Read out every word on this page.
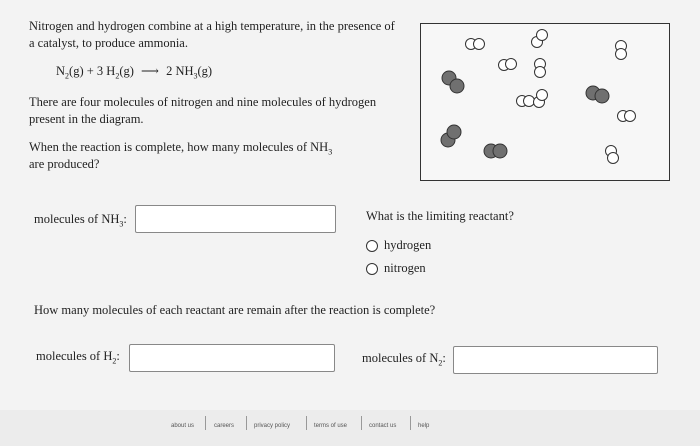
Nitrogen and hydrogen combine at a high temperature, in the presence of
a catalyst, to produce ammonia.
$N_2(g) + 3$ $H_2(g)$ ⟶ 2 $NH_3(g)$
There are four molecules of nitrogen and nine molecules of hydrogen
present in the diagram.
When the reaction is complete, how many molecules of $NH_3$
are produced?
molecules of $NH_3$:	What is the limiting reactant?
hydrogen
nitrogen
How many molecules of each reactant are remain after the reaction is complete?
molecules of $H_2$:	molecules of $N_2$:
about us	careers	privacy policy	terms of use	contact us	help
